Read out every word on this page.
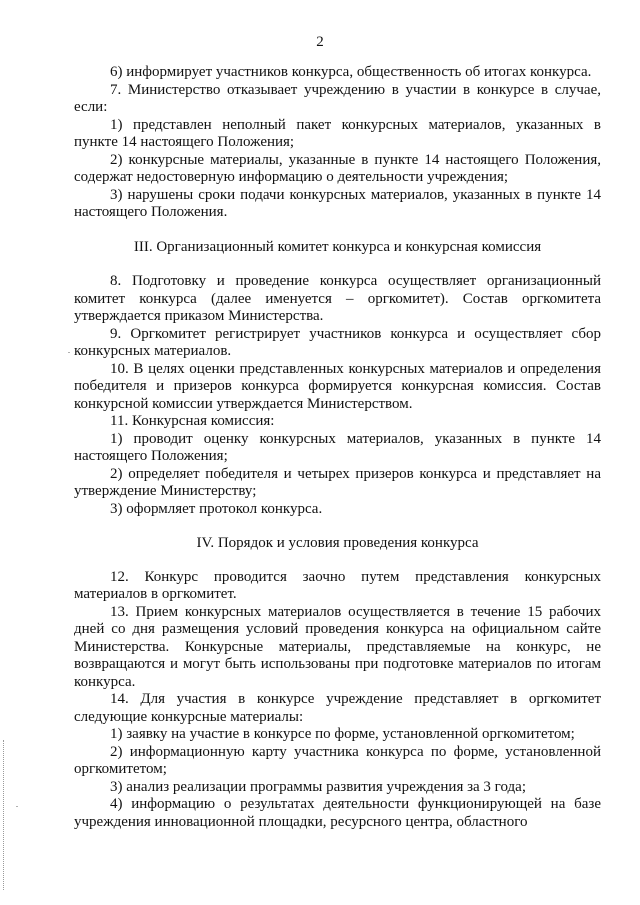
2

6) информирует участников конкурса, общественность об итогах конкурса.

7. Министерство отказывает учреждению в участии в конкурсе в случае, если:

1) представлен неполный пакет конкурсных материалов, указанных в пункте 14 настоящего Положения;

2) конкурсные материалы, указанные в пункте 14 настоящего Положения, содержат недостоверную информацию о деятельности учреждения;

3) нарушены сроки подачи конкурсных материалов, указанных в пункте 14 настоящего Положения.

III. Организационный комитет конкурса и конкурсная комиссия

8. Подготовку и проведение конкурса осуществляет организационный комитет конкурса (далее именуется – оргкомитет). Состав оргкомитета утверждается приказом Министерства.

9. Оргкомитет регистрирует участников конкурса и осуществляет сбор конкурсных материалов.

10. В целях оценки представленных конкурсных материалов и определения победителя и призеров конкурса формируется конкурсная комиссия. Состав конкурсной комиссии утверждается Министерством.

11. Конкурсная комиссия:

1) проводит оценку конкурсных материалов, указанных в пункте 14 настоящего Положения;

2) определяет победителя и четырех призеров конкурса и представляет на утверждение Министерству;

3) оформляет протокол конкурса.

IV. Порядок и условия проведения конкурса

12. Конкурс проводится заочно путем представления конкурсных материалов в оргкомитет.

13. Прием конкурсных материалов осуществляется в течение 15 рабочих дней со дня размещения условий проведения конкурса на официальном сайте Министерства. Конкурсные материалы, представляемые на конкурс, не возвращаются и могут быть использованы при подготовке материалов по итогам конкурса.

14. Для участия в конкурсе учреждение представляет в оргкомитет следующие конкурсные материалы:

1) заявку на участие в конкурсе по форме, установленной оргкомитетом;

2) информационную карту участника конкурса по форме, установленной оргкомитетом;

3) анализ реализации программы развития учреждения за 3 года;

4) информацию о результатах деятельности функционирующей на базе учреждения инновационной площадки, ресурсного центра, областного
